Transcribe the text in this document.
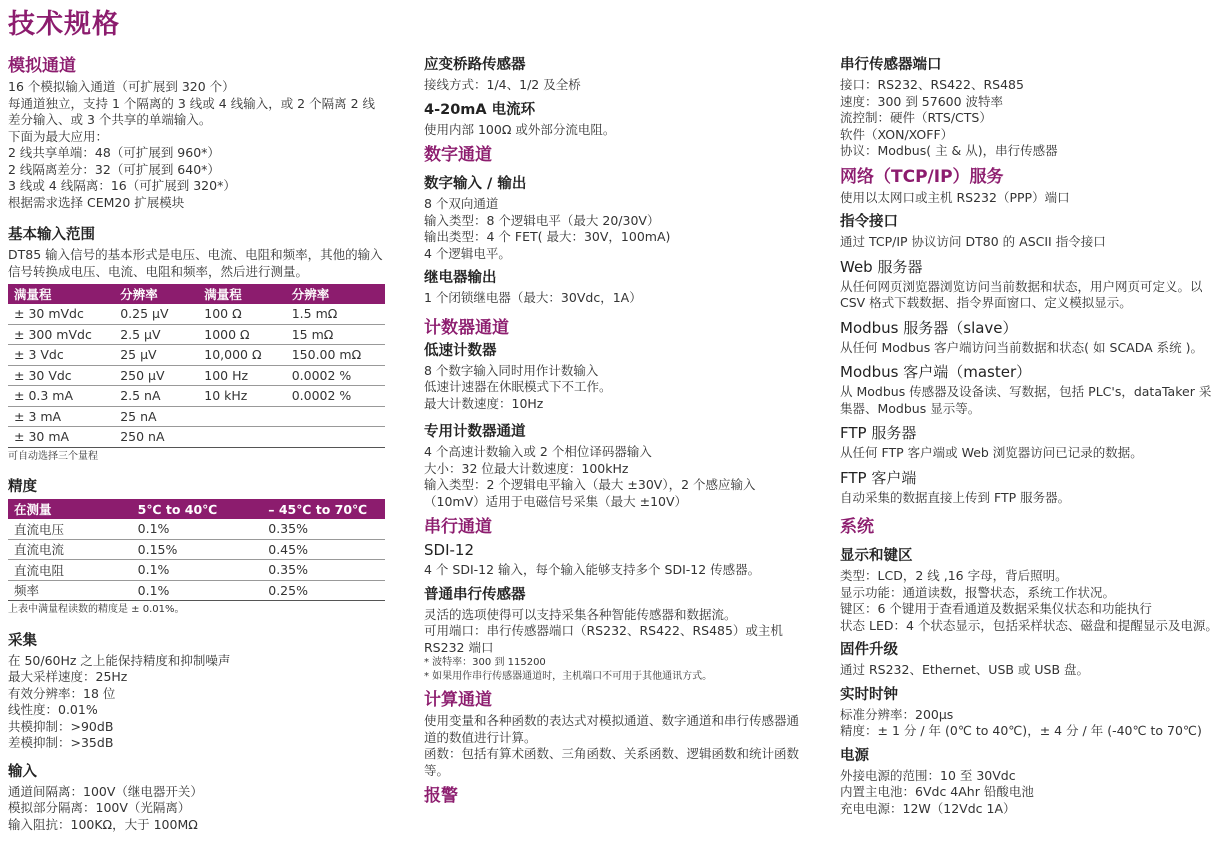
技术规格
模拟通道

16 个模拟输入通道（可扩展到 320 个）
每通道独立，支持 1 个隔离的 3 线或 4 线输入，或 2 个隔离 2 线差分输入、或 3 个共享的单端输入。
下面为最大应用：
2 线共享单端：48（可扩展到 960*）
2 线隔离差分：32（可扩展到 640*）
3 线或 4 线隔离：16（可扩展到 320*）
根据需求选择 CEM20 扩展模块

基本输入范围

DT85 输入信号的基本形式是电压、电流、电阻和频率，其他的输入信号转换成电压、电流、电阻和频率，然后进行测量。

满量程	分辨率	满量程	分辨率
± 30 mVdc	0.25 µV	100 Ω	1.5 mΩ
± 300 mVdc	2.5 µV	1000 Ω	15 mΩ
± 3 Vdc	25 µV	10,000 Ω	150.00 mΩ
± 30 Vdc	250 µV	100 Hz	0.0002 %
± 0.3 mA	2.5 nA	10 kHz	0.0002 %
± 3 mA	25 nA		
± 30 mA	250 nA		

可自动选择三个量程

精度
在测量	5℃ to 40℃	– 45℃ to 70℃
直流电压	0.1%	0.35%
直流电流	0.15%	0.45%
直流电阻	0.1%	0.35%
频率	0.1%	0.25%

上表中满量程读数的精度是 ± 0.01%。

采集

在 50/60Hz 之上能保持精度和抑制噪声
最大采样速度：25Hz
有效分辨率：18 位
线性度：0.01%
共模抑制：>90dB
差模抑制：>35dB

输入

通道间隔离：100V（继电器开关）
模拟部分隔离：100V（光隔离）
输入阻抗：100KΩ，大于 100MΩ

应变桥路传感器

接线方式：1/4、1/2 及全桥

4-20mA 电流环

使用内部 100Ω 或外部分流电阻。

数字通道
数字输入 / 输出

8 个双向通道
输入类型：8 个逻辑电平（最大 20/30V）
输出类型：4 个 FET( 最大：30V，100mA)
4 个逻辑电平。

继电器输出

1 个闭锁继电器（最大：30Vdc，1A）

计数器通道
低速计数器

8 个数字输入同时用作计数输入
低速计速器在休眠模式下不工作。
最大计数速度：10Hz

专用计数器通道

4 个高速计数输入或 2 个相位译码器输入
大小：32 位最大计数速度：100kHz
输入类型：2 个逻辑电平输入（最大 ±30V），2 个感应输入（10mV）适用于电磁信号采集（最大 ±10V）

串行通道
SDI-12

4 个 SDI-12 输入，每个输入能够支持多个 SDI-12 传感器。

普通串行传感器

灵活的选项使得可以支持采集各种智能传感器和数据流。
可用端口：串行传感器端口（RS232、RS422、RS485）或主机 RS232 端口

* 波特率：300 到 115200
* 如果用作串行传感器通道时，主机端口不可用于其他通讯方式。

计算通道

使用变量和各种函数的表达式对模拟通道、数字通道和串行传感器通道的数值进行计算。
函数：包括有算术函数、三角函数、关系函数、逻辑函数和统计函数等。

报警
串行传感器端口

接口：RS232、RS422、RS485
速度：300 到 57600 波特率
流控制：硬件（RTS/CTS）
软件（XON/XOFF）
协议：Modbus( 主 & 从)，串行传感器

网络（TCP/IP）服务

使用以太网口或主机 RS232（PPP）端口

指令接口

通过 TCP/IP 协议访问 DT80 的 ASCII 指令接口

Web 服务器

从任何网页浏览器浏览访问当前数据和状态，用户网页可定义。以 CSV 格式下载数据、指令界面窗口、定义模拟显示。

Modbus 服务器（slave）

从任何 Modbus 客户端访问当前数据和状态( 如 SCADA 系统 )。

Modbus 客户端（master）

从 Modbus 传感器及设备读、写数据，包括 PLC's，dataTaker 采集器、Modbus 显示等。

FTP 服务器

从任何 FTP 客户端或 Web 浏览器访问已记录的数据。

FTP 客户端

自动采集的数据直接上传到 FTP 服务器。

系统
显示和键区

类型：LCD，2 线 ,16 字母，背后照明。
显示功能：通道读数，报警状态，系统工作状况。
键区：6 个键用于查看通道及数据采集仪状态和功能执行
状态 LED：4 个状态显示，包括采样状态、磁盘和提醒显示及电源。

固件升级

通过 RS232、Ethernet、USB 或 USB 盘。

实时时钟

标准分辨率：200µs
精度：± 1 分 / 年 (0℃ to 40℃)，± 4 分 / 年 (-40℃ to 70℃)

电源

外接电源的范围：10 至 30Vdc
内置主电池：6Vdc 4Ahr 铅酸电池
充电电源：12W（12Vdc 1A）
